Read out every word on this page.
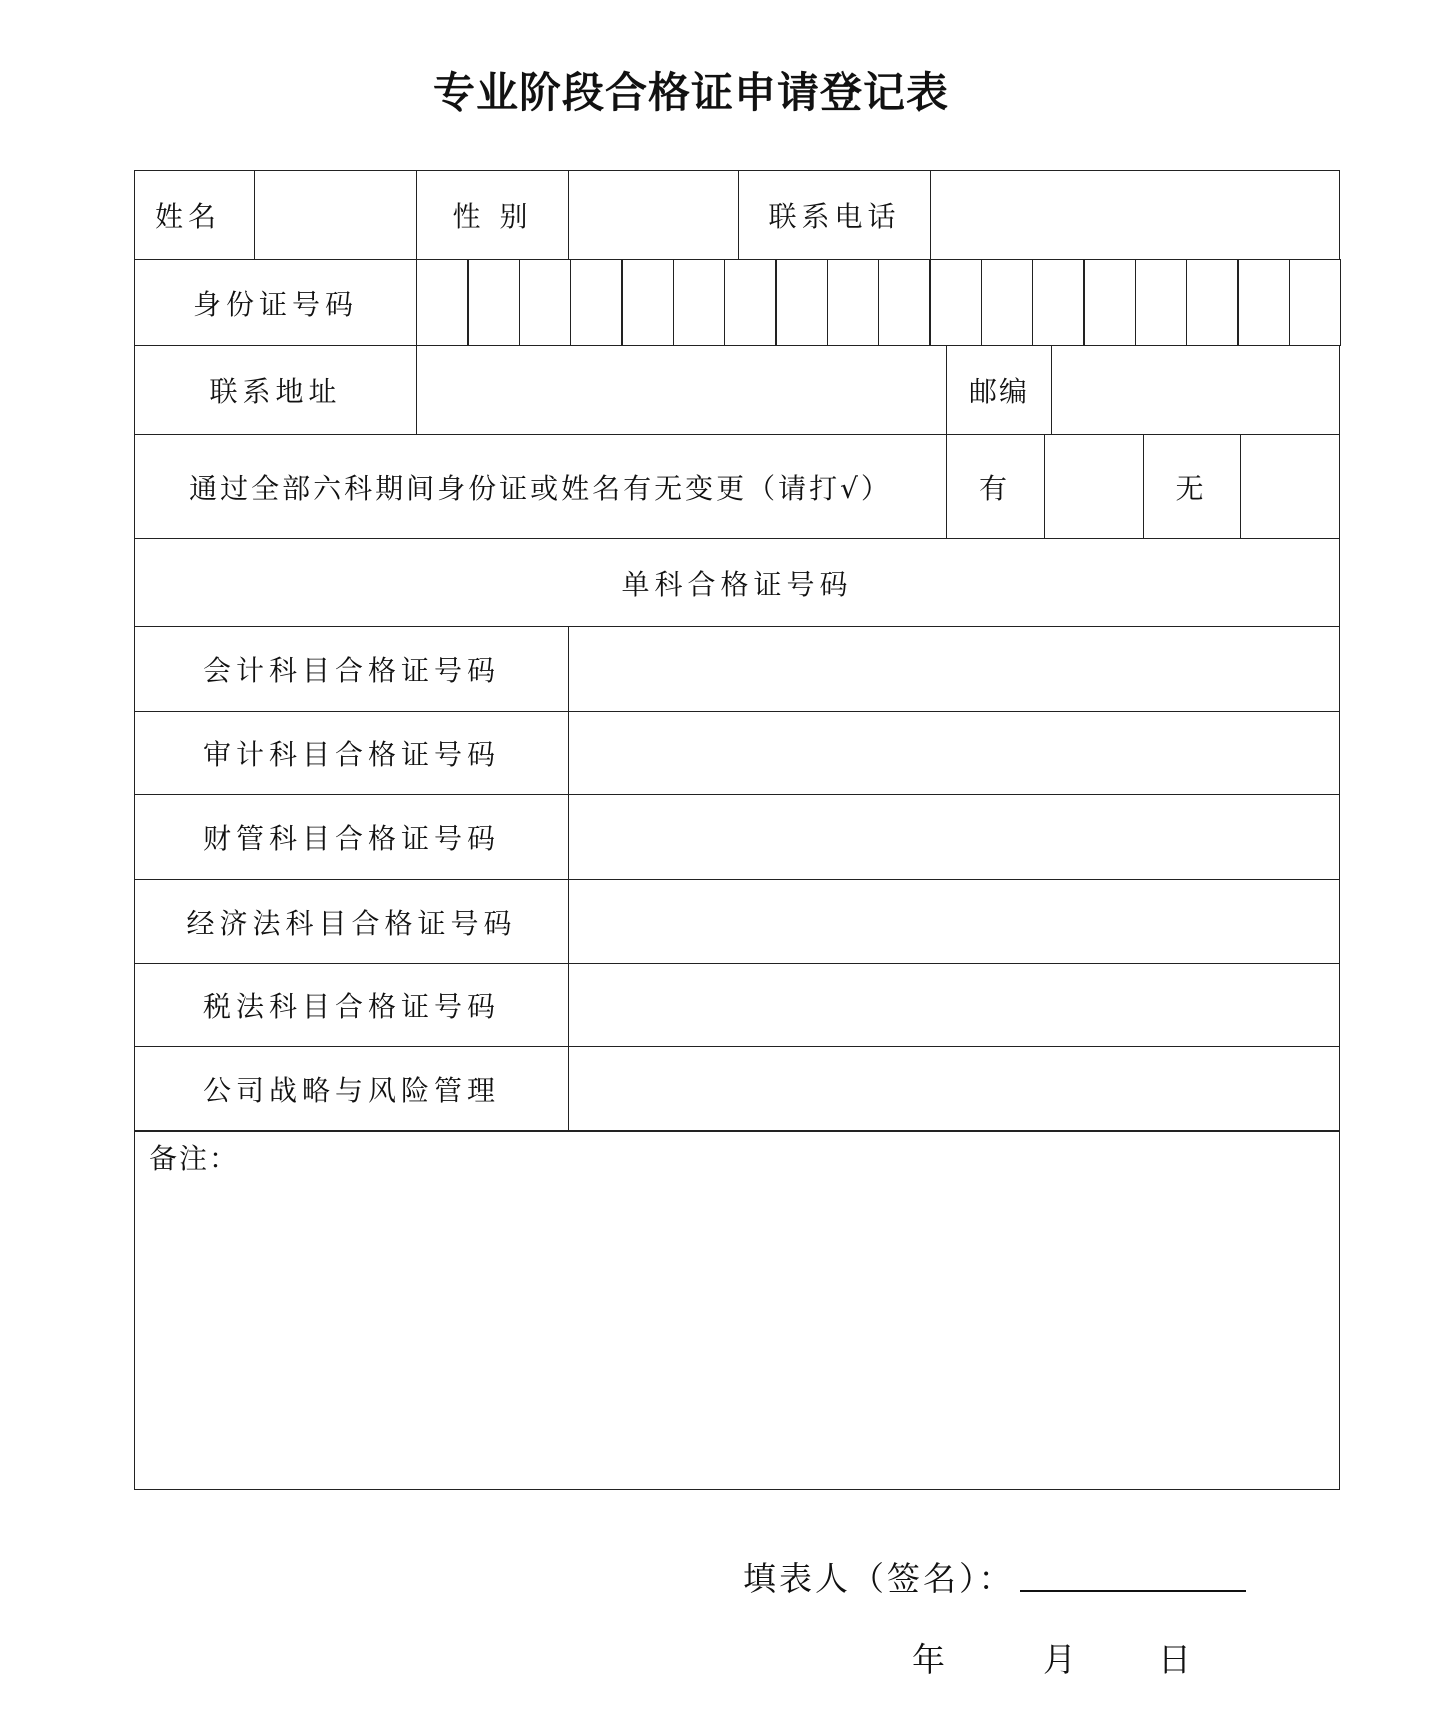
专业阶段合格证申请登记表
姓名	性 别	联系电话
身份证号码
联系地址	邮编
通过全部六科期间身份证或姓名有无变更（请打√）	有	无
单科合格证号码
会计科目合格证号码
审计科目合格证号码
财管科目合格证号码
经济法科目合格证号码
税法科目合格证号码
公司战略与风险管理
备注：
填表人（签名）：
年	月 日
